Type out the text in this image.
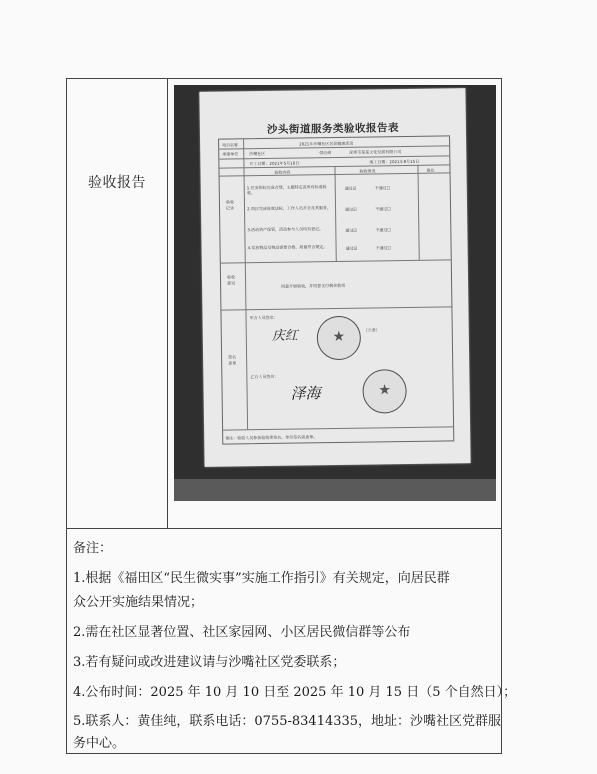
验收报告
沙头街道服务类验收报告表
项目名称	2021年沙嘴社区居民健康活动
承建单位	沙嘴社区	供应商	深圳市某某文化发展有限公司
开工日期：2021年5月10日	竣工日期：2021年8月15日
验收内容	验收情况	备注
验收记录
1.任务指标完成合理，主题特定或所有标准验收。
通过☑	不通过☐
2.项目完成进度达标，工作人员齐全及其服务。	通过☑	不通过☐
3.活动资产保管，活动参与人员均有登记。	通过☑	不通过☐
4.发放物品及物品需要合格，质量符合规定。	通过☑	不通过☐
验收意见	同意开展验收，并同意支付剩余款项
签名盖章
甲方人员签名：
庆红
★	（公章）
乙方人员签名：
泽海
★
备注：验收人员参加验收须签名、单位签名需盖章。
备注：
1.根据《福田区“民生微实事”实施工作指引》有关规定，向居民群
众公开实施结果情况；
2.需在社区显著位置、社区家园网、小区居民微信群等公布
3.若有疑问或改进建议请与沙嘴社区党委联系；
4.公布时间：2025 年 10 月 10 日至 2025 年 10 月 15 日（5 个自然日）；
5.联系人：黄佳纯，联系电话：0755-83414335，地址：沙嘴社区党群服
务中心。
